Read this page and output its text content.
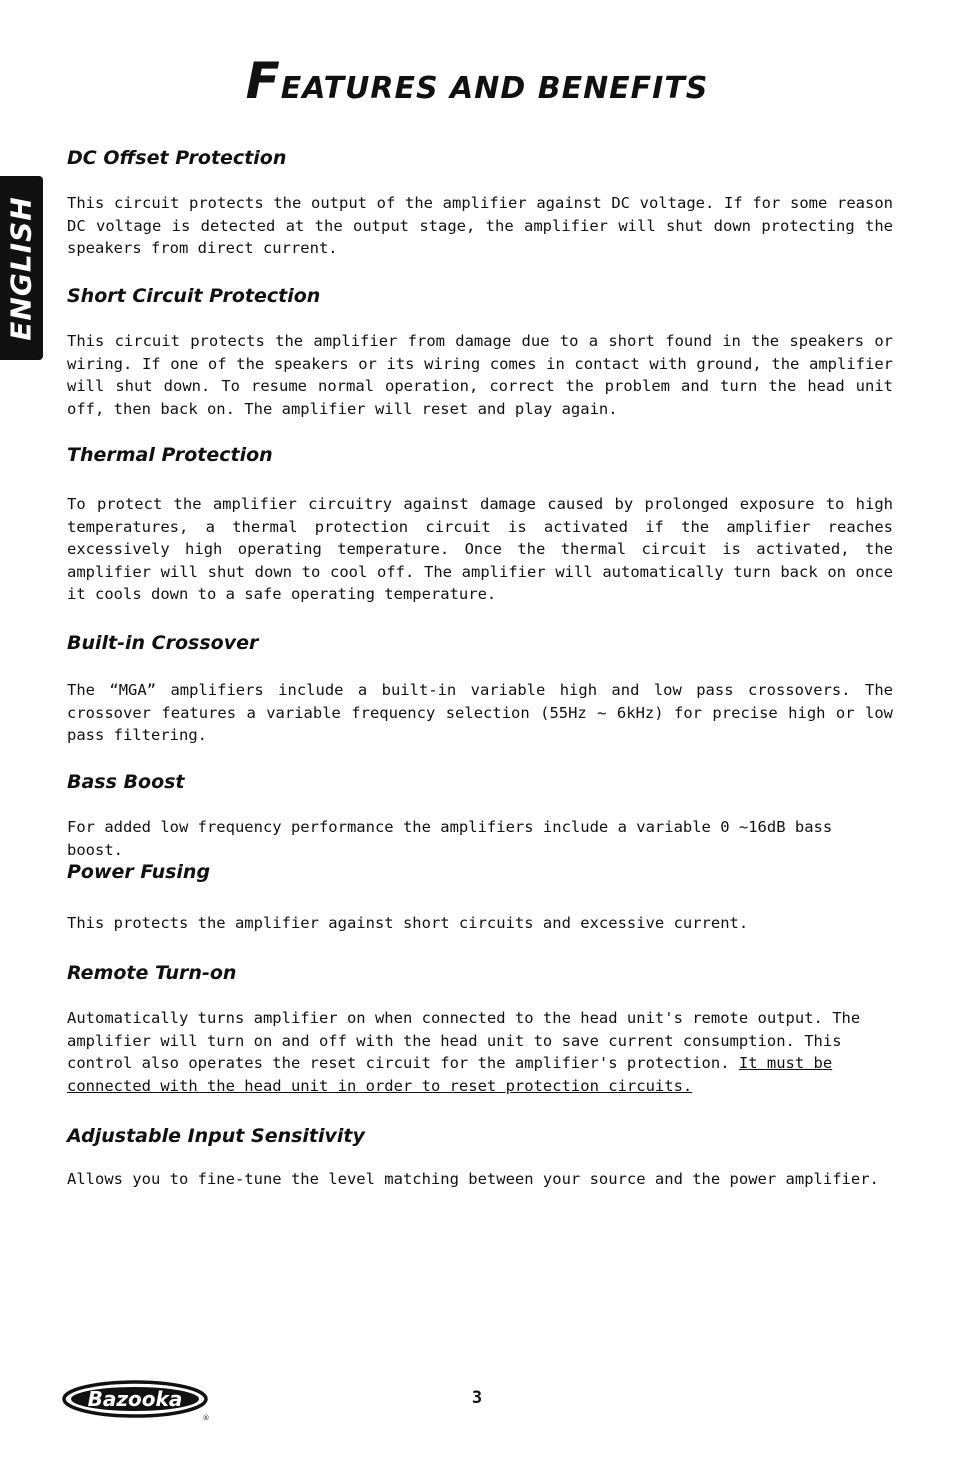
FEATURES AND BENEFITS
ENGLISH
DC Offset Protection

This circuit protects the output of the amplifier against DC voltage. If for some reason DC voltage is detected at the output stage, the amplifier will shut down protecting the speakers from direct current.

Short Circuit Protection

This circuit protects the amplifier from damage due to a short found in the speakers or wiring. If one of the speakers or its wiring comes in contact with ground, the amplifier will shut down. To resume normal operation, correct the problem and turn the head unit off, then back on. The amplifier will reset and play again.

Thermal Protection

To protect the amplifier circuitry against damage caused by prolonged exposure to high temperatures, a thermal protection circuit is activated if the amplifier reaches excessively high operating temperature. Once the thermal circuit is activated, the amplifier will shut down to cool off. The amplifier will automatically turn back on once it cools down to a safe operating temperature.

Built-in Crossover

The “MGA” amplifiers include a built-in variable high and low pass crossovers. The crossover features a variable frequency selection (55Hz ~ 6kHz) for precise high or low pass filtering.

Bass Boost

For added low frequency performance the amplifiers include a variable 0 ~16dB bass boost.

Power Fusing

This protects the amplifier against short circuits and excessive current.

Remote Turn-on

Automatically turns amplifier on when connected to the head unit's remote output. The amplifier will turn on and off with the head unit to save current consumption. This control also operates the reset circuit for the amplifier's protection. It must be connected with the head unit in order to reset protection circuits.

Adjustable Input Sensitivity

Allows you to fine-tune the level matching between your source and the power amplifier.

Bazooka
®
3
